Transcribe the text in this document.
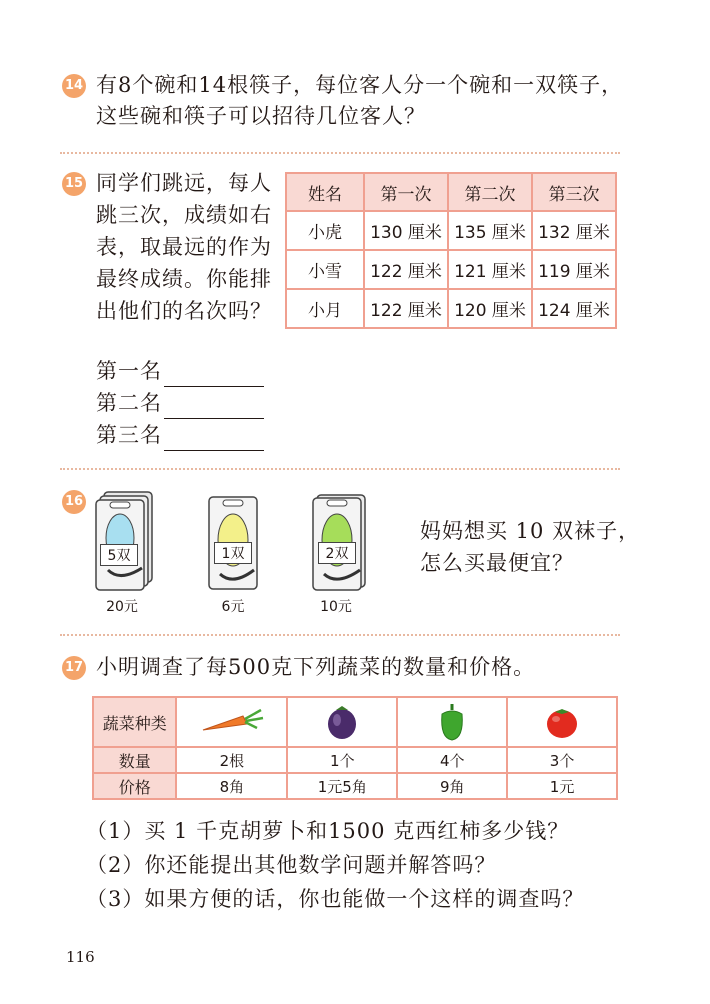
14 有8个碗和14根筷子，每位客人分一个碗和一双筷子，
这些碗和筷子可以招待几位客人？
15 同学们跳远，每人
跳三次，成绩如右
表，取最远的作为
最终成绩。你能排
出他们的名次吗？
姓名	第一次	第二次	第三次
小虎	130 厘米	135 厘米	132 厘米
小雪	122 厘米	121 厘米	119 厘米
小月	122 厘米	120 厘米	124 厘米
第一名
第二名
第三名
16
5双
20元
1双
6元
2双
10元
妈妈想买 10 双袜子，
怎么买最便宜？
17 小明调查了每500克下列蔬菜的数量和价格。
蔬菜种类	

数量	2根	1个	4个	3个
价格	8角	1元5角	9角	1元
（1）买 1 千克胡萝卜和1500 克西红柿多少钱？
（2）你还能提出其他数学问题并解答吗？
（3）如果方便的话，你也能做一个这样的调查吗？
116
